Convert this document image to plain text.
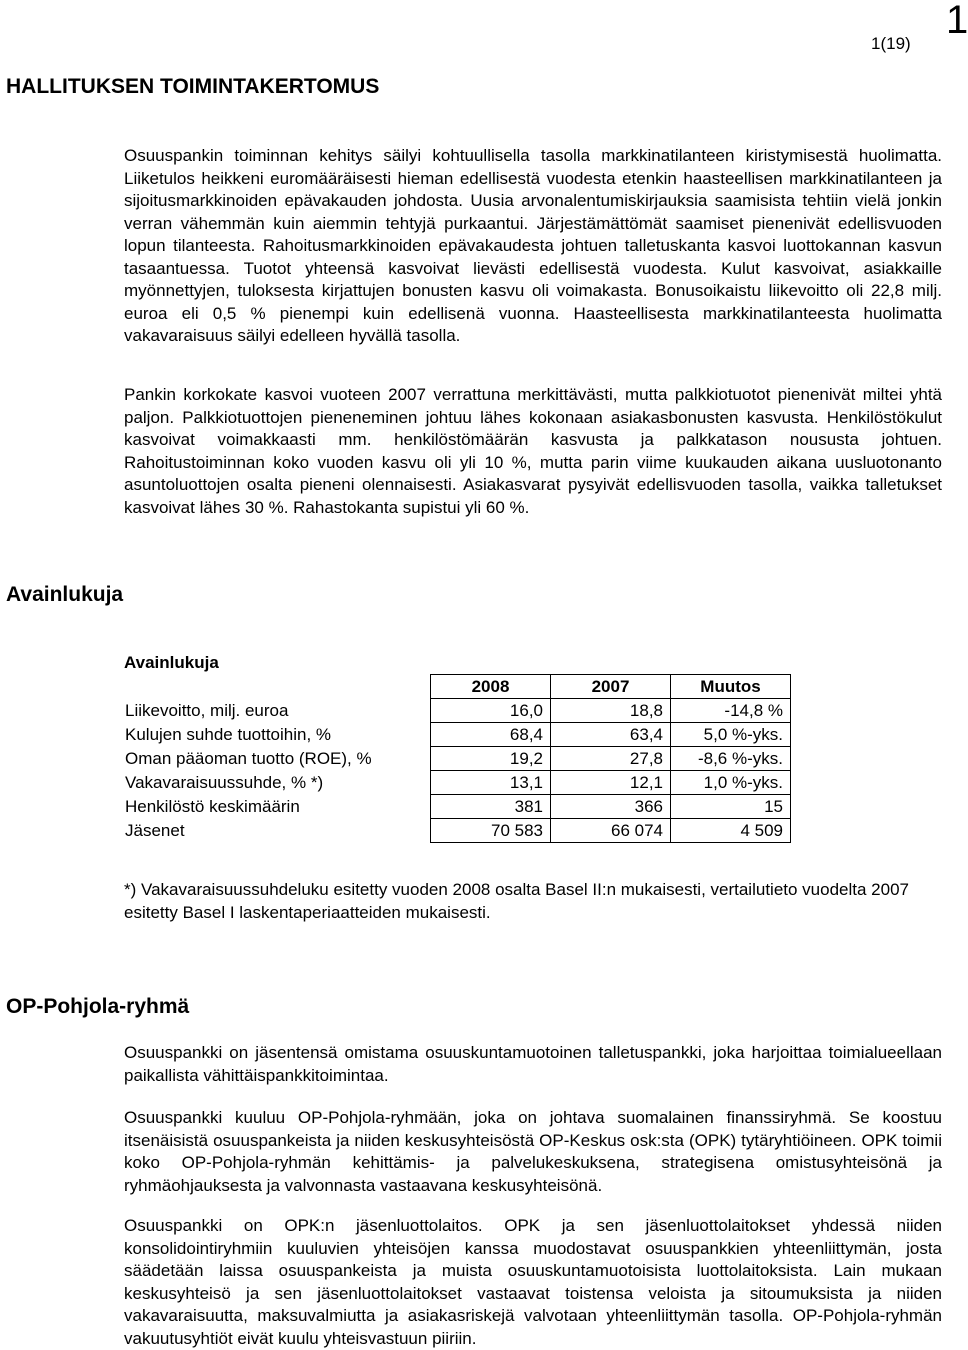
1(19)
1
HALLITUKSEN TOIMINTAKERTOMUS

Osuuspankin toiminnan kehitys säilyi kohtuullisella tasolla markkinatilanteen kiristymisestä huolimatta. Liiketulos heikkeni euromääräisesti hieman edellisestä vuodesta etenkin haasteellisen markkinatilanteen ja sijoitusmarkkinoiden epävakauden johdosta. Uusia arvonalentumiskirjauksia saamisista tehtiin vielä jonkin verran vähemmän kuin aiemmin tehtyjä purkaantui. Järjestämättömät saamiset pienenivät edellisvuoden lopun tilanteesta. Rahoitusmarkkinoiden epävakaudesta johtuen talletuskanta kasvoi luottokannan kasvun tasaantuessa. Tuotot yhteensä kasvoivat lievästi edellisestä vuodesta. Kulut kasvoivat, asiakkaille myönnettyjen, tuloksesta kirjattujen bonusten kasvu oli voimakasta. Bonusoikaistu liikevoitto oli 22,8 milj. euroa eli 0,5 % pienempi kuin edellisenä vuonna. Haasteellisesta markkinatilanteesta huolimatta vakavaraisuus säilyi edelleen hyvällä tasolla.

Pankin korkokate kasvoi vuoteen 2007 verrattuna merkittävästi, mutta palkkiotuotot pienenivät miltei yhtä paljon. Palkkiotuottojen pieneneminen johtuu lähes kokonaan asiakasbonusten kasvusta. Henkilöstökulut kasvoivat voimakkaasti mm. henkilöstömäärän kasvusta ja palkkatason noususta johtuen. Rahoitustoiminnan koko vuoden kasvu oli yli 10 %, mutta parin viime kuukauden aikana uusluotonanto asuntoluottojen osalta pieneni olennaisesti. Asiakasvarat pysyivät edellisvuoden tasolla, vaikka talletukset kasvoivat lähes 30 %. Rahastokanta supistui yli 60 %.

Avainlukuja
Avainlukuja
	2008	2007	Muutos
Liikevoitto, milj. euroa	16,0	18,8	-14,8 %
Kulujen suhde tuottoihin, %	68,4	63,4	5,0 %-yks.
Oman pääoman tuotto (ROE), %	19,2	27,8	-8,6 %-yks.
Vakavaraisuussuhde, % *)	13,1	12,1	1,0 %-yks.
Henkilöstö keskimäärin	381	366	15
Jäsenet	70 583	66 074	4 509

*) Vakavaraisuussuhdeluku esitetty vuoden 2008 osalta Basel II:n mukaisesti, vertailutieto vuodelta 2007 esitetty Basel I laskentaperiaatteiden mukaisesti.

OP-Pohjola-ryhmä

Osuuspankki on jäsentensä omistama osuuskuntamuotoinen talletuspankki, joka harjoittaa toimialueellaan paikallista vähittäispankkitoimintaa.

Osuuspankki kuuluu OP-Pohjola-ryhmään, joka on johtava suomalainen finanssiryhmä. Se koostuu itsenäisistä osuuspankeista ja niiden keskusyhteisöstä OP-Keskus osk:sta (OPK) tytäryhtiöineen. OPK toimii koko OP-Pohjola-ryhmän kehittämis- ja palvelukeskuksena, strategisena omistusyhteisönä ja ryhmäohjauksesta ja valvonnasta vastaavana keskusyhteisönä.

Osuuspankki on OPK:n jäsenluottolaitos. OPK ja sen jäsenluottolaitokset yhdessä niiden konsolidointiryhmiin kuuluvien yhteisöjen kanssa muodostavat osuuspankkien yhteenliittymän, josta säädetään laissa osuuspankeista ja muista osuuskuntamuotoisista luottolaitoksista. Lain mukaan keskusyhteisö ja sen jäsenluottolaitokset vastaavat toistensa veloista ja sitoumuksista ja niiden vakavaraisuutta, maksuvalmiutta ja asiakasriskejä valvotaan yhteenliittymän tasolla. OP-Pohjola-ryhmän vakuutusyhtiöt eivät kuulu yhteisvastuun piiriin.
